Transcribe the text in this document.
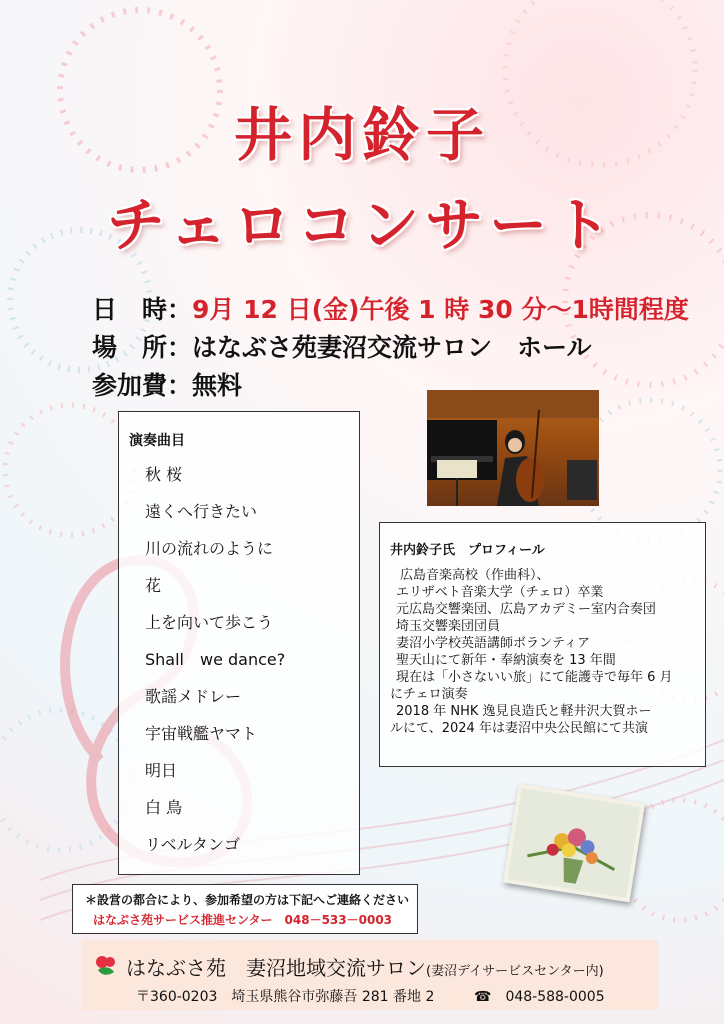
井内鈴子
チェロコンサート
日　時：9月 12 日(金)午後 1 時 30 分～1時間程度
場　所：はなぶさ苑妻沼交流サロン　ホール
参加費：無料
演奏曲目
秋 桜
遠くへ行きたい
川の流れのように
花
上を向いて歩こう
Shall　we dance?
歌謡メドレー
宇宙戦艦ヤマト
明日
白 鳥
リベルタンゴ
井内鈴子氏　プロフィール
広島音楽高校（作曲科）、
エリザベト音楽大学（チェロ）卒業
元広島交響楽団、広島アカデミー室内合奏団
埼玉交響楽団団員
妻沼小学校英語講師ボランティア
聖天山にて新年・奉納演奏を 13 年間
現在は「小さないい旅」にて能護寺で毎年 6 月
にチェロ演奏
2018 年 NHK 逸見良造氏と軽井沢大賀ホー
ルにて、2024 年は妻沼中央公民館にて共演
＊設営の都合により、参加希望の方は下記へご連絡ください
はなぶさ苑サービス推進センター　048－533－0003
はなぶさ苑　妻沼地域交流サロン(妻沼デイサービスセンター内)
〒360-0203　埼玉県熊谷市弥藤吾 281 番地 2	☎　048-588-0005
